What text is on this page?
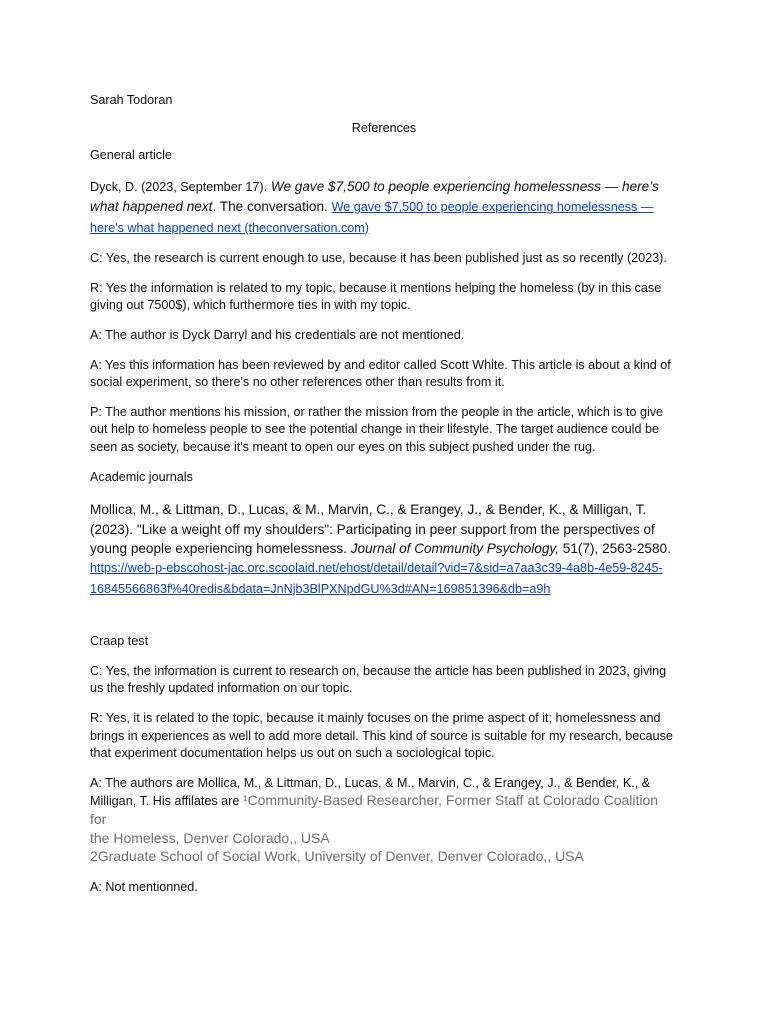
Sarah Todoran
References
General article
Dyck, D. (2023, September 17). We gave $7,500 to people experiencing homelessness — here’s
what happened next. The conversation. We gave $7,500 to people experiencing homelessness —
here's what happened next (theconversation.com)
C: Yes, the research is current enough to use, because it has been published just as so recently (2023).
R: Yes the information is related to my topic, because it mentions helping the homeless (by in this case
giving out 7500$), which furthermore ties in with my topic.
A: The author is Dyck Darryl and his credentials are not mentioned.
A: Yes this information has been reviewed by and editor called Scott White. This article is about a kind of
social experiment, so there's no other references other than results from it.
P: The author mentions his mission, or rather the mission from the people in the article, which is to give
out help to homeless people to see the potential change in their lifestyle. The target audience could be
seen as society, because it's meant to open our eyes on this subject pushed under the rug.
Academic journals
Mollica, M., & Littman, D., Lucas, & M., Marvin, C., & Erangey, J., & Bender, K., & Milligan, T.
(2023). "Like a weight off my shoulders": Participating in peer support from the perspectives of
young people experiencing homelessness. Journal of Community Psychology, 51(7), 2563-2580.
https://web-p-ebscohost-jac.orc.scoolaid.net/ehost/detail/detail?vid=7&sid=a7aa3c39-4a8b-4e59-8245-
16845566863f%40redis&bdata=JnNjb3BlPXNpdGU%3d#AN=169851396&db=a9h
Craap test
C: Yes, the information is current to research on, because the article has been published in 2023, giving
us the freshly updated information on our topic.
R: Yes, it is related to the topic, because it mainly focuses on the prime aspect of it; homelessness and
brings in experiences as well to add more detail. This kind of source is suitable for my research, because
that experiment documentation helps us out on such a sociological topic.
A: The authors are Mollica, M., & Littman, D., Lucas, & M., Marvin, C., & Erangey, J., & Bender, K., &
Milligan, T. His affilates are ¹Community-Based Researcher, Former Staff at Colorado Coalition for
the Homeless, Denver Colorado,, USA
2Graduate School of Social Work, University of Denver, Denver Colorado,, USA
A: Not mentionned.
